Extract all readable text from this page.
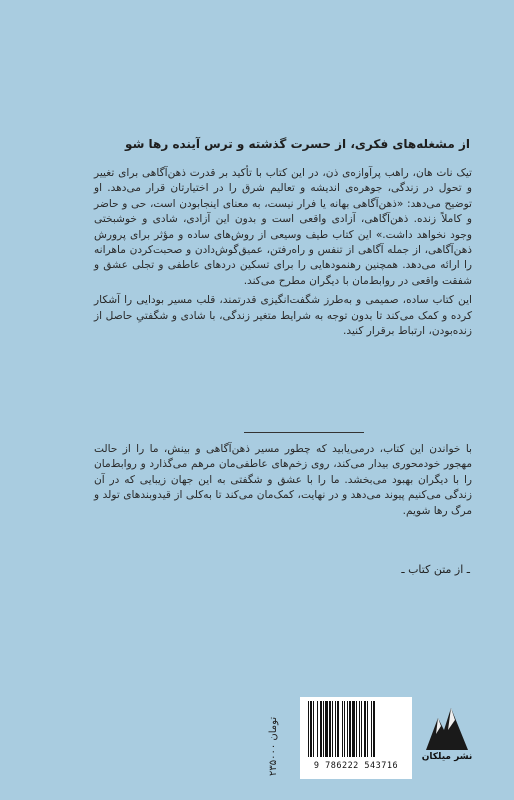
از مشغله‌های فکری، از حسرت گذشته و ترس آینده رها شو

تیک نات هان، راهب پرآوازه‌ی ذن، در این کتاب با تأکید بر قدرت ذهن‌آگاهی برای تغییر و تحول در زندگی، جوهره‌ی اندیشه و تعالیم شرق را در اختیارتان قرار می‌دهد. او توضیح می‌دهد: «ذهن‌آگاهی بهانه یا فرار نیست، به معنای اینجابودن است، حی و حاضر و کاملاً زنده. ذهن‌آگاهی، آزادی واقعی است و بدون این آزادی، شادی و خوشبختی وجود نخواهد داشت.» این کتاب طیف وسیعی از روش‌های ساده و مؤثر برای پرورش ذهن‌آگاهی، از جمله آگاهی از تنفس و راه‌رفتن، عمیق‌گوش‌دادن و صحبت‌کردن ماهرانه را ارائه می‌دهد. همچنین رهنمودهایی را برای تسکین دردهای عاطفی و تجلی عشق و شفقت واقعی در روابط‌مان با دیگران مطرح می‌کند.

این کتاب ساده، صمیمی و به‌طرز شگفت‌انگیزی قدرتمند، قلب مسیر بودایی را آشکار کرده و کمک می‌کند تا بدون توجه به شرایط متغیر زندگی، با شادی و شگفتیِ حاصل از زنده‌بودن، ارتباط برقرار کنید.

با خواندن این کتاب، درمی‌یابید که چطور مسیر ذهن‌آگاهی و بینش، ما را از حالت مهجور خودمحوری بیدار می‌کند، روی زخم‌های عاطفی‌مان مرهم می‌گذارد و روابط‌مان را با دیگران بهبود می‌بخشد. ما را با عشق و شگفتی به این جهان زیبایی که در آن زندگی می‌کنیم پیوند می‌دهد و در نهایت، کمک‌مان می‌کند تا به‌کلی از قیدوبندهای تولد و مرگ رها شویم.

ـ از متن کتاب ـ
۲۳۵۰۰۰ تومان
9 786222 543716
نشر میلکان
